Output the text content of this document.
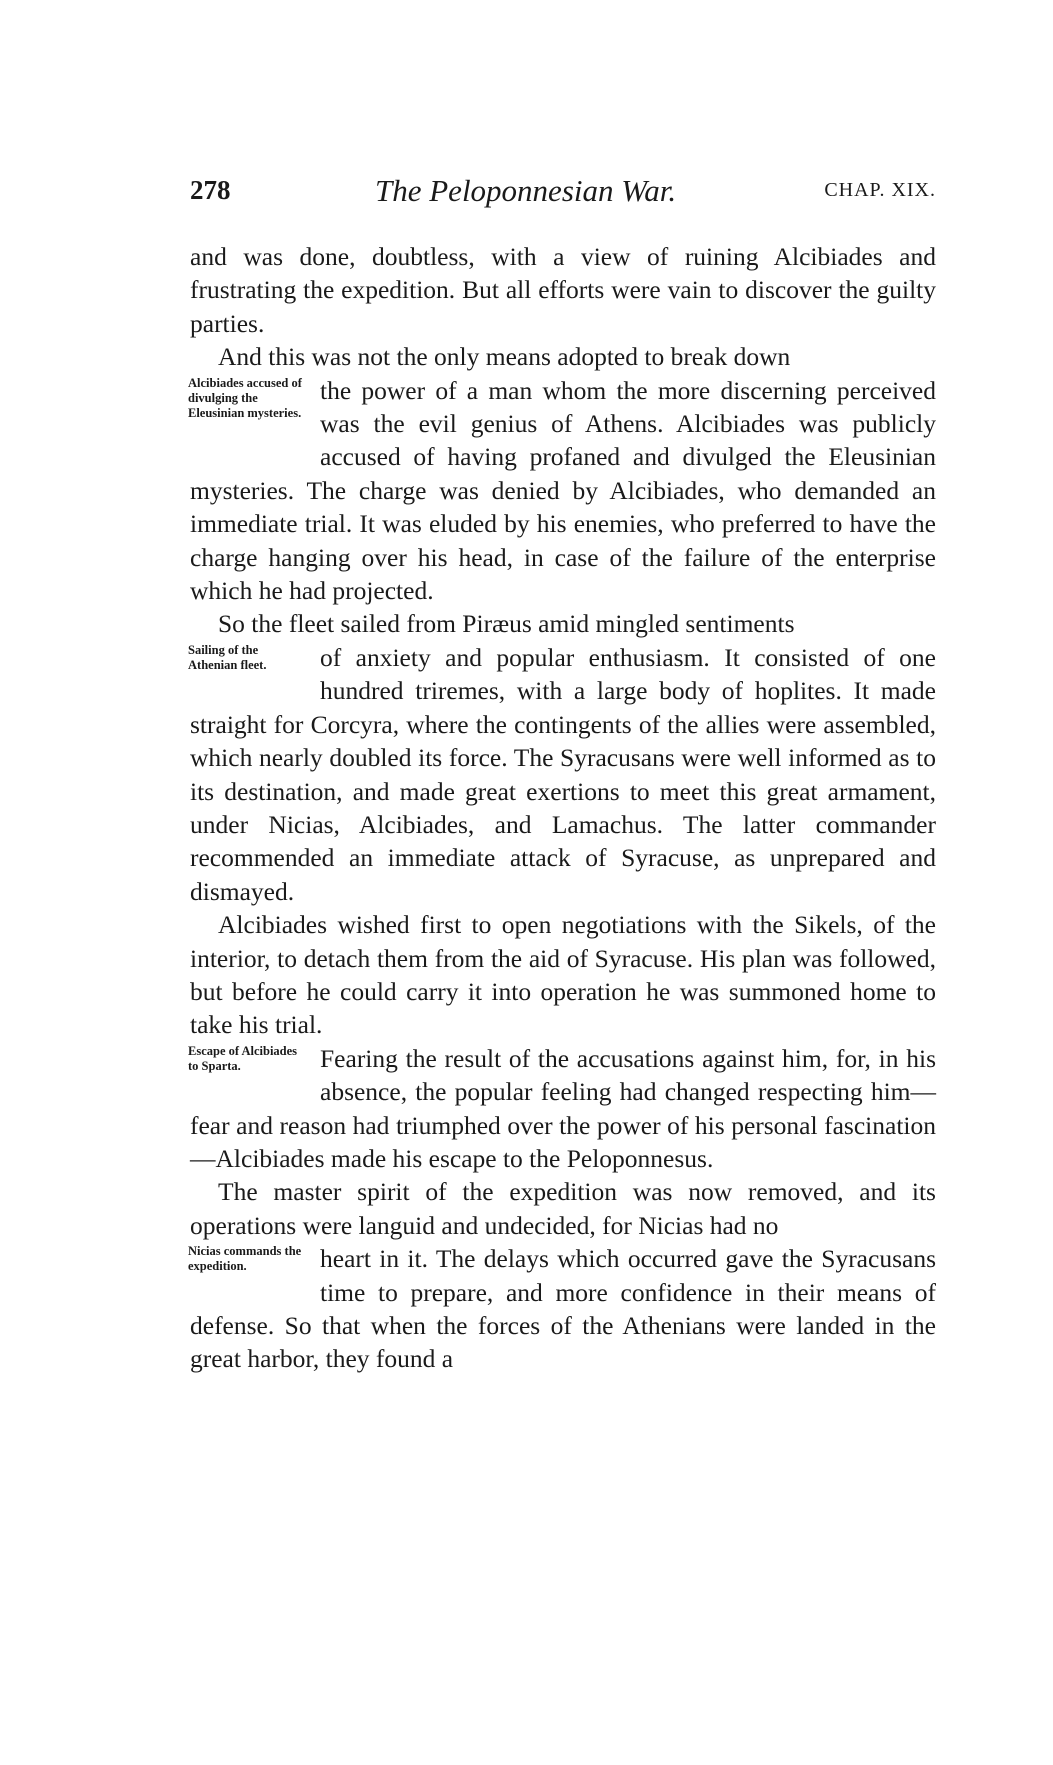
278	The Peloponnesian War.	CHAP. XIX.

and was done, doubtless, with a view of ruining Alcibiades and frustrating the expedition. But all efforts were vain to discover the guilty parties.

And this was not the only means adopted to break down

Alcibiades accused of divulging the Eleusinian mysteries.
the power of a man whom the more discerning perceived was the evil genius of Athens. Alcibiades was publicly accused of having profaned and divulged the Eleusinian mysteries. The charge was denied by Alcibiades, who demanded an immediate trial. It was eluded by his enemies, who preferred to have the charge hanging over his head, in case of the failure of the enterprise which he had projected.

So the fleet sailed from Piræus amid mingled sentiments

Sailing of the Athenian fleet.	of anxiety and popular enthusiasm. It consisted of one hundred triremes, with a large body of hoplites. It made straight for Corcyra, where the contingents of the allies were assembled, which nearly doubled its force. The Syracusans were well informed as to its destination, and made great exertions to meet this great armament, under Nicias, Alcibiades, and Lamachus. The latter commander recommended an immediate attack of Syracuse, as unprepared and dismayed.

Alcibiades wished first to open negotiations with the Sikels, of the interior, to detach them from the aid of Syracuse. His plan was followed, but before he could carry it into operation he was summoned home to take his trial.

Escape of Alcibiades to Sparta.	Fearing the result of the accusations against him, for, in his absence, the popular feeling had changed respecting him—fear and reason had triumphed over the power of his personal fascination—Alcibiades made his escape to the Peloponnesus.

The master spirit of the expedition was now removed, and its operations were languid and undecided, for Nicias had no

Nicias commands the expedition.	heart in it. The delays which occurred gave the Syracusans time to prepare, and more confidence in their means of defense. So that when the forces of the Athenians were landed in the great harbor, they found a
